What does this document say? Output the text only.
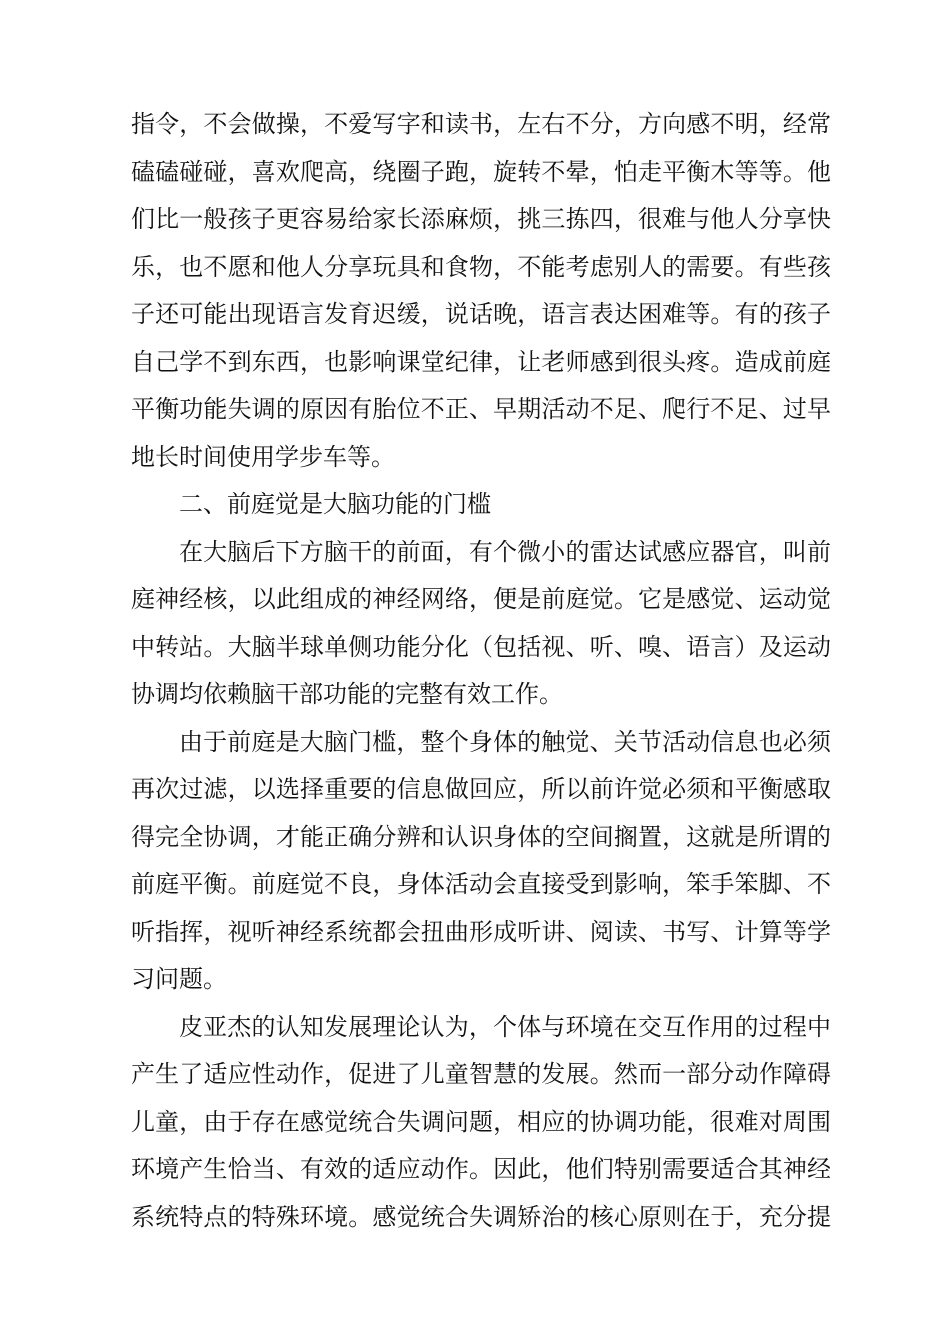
指令，不会做操，不爱写字和读书，左右不分，方向感不明，经常
磕磕碰碰，喜欢爬高，绕圈子跑，旋转不晕，怕走平衡木等等。他
们比一般孩子更容易给家长添麻烦，挑三拣四，很难与他人分享快
乐，也不愿和他人分享玩具和食物，不能考虑别人的需要。有些孩
子还可能出现语言发育迟缓，说话晚，语言表达困难等。有的孩子
自己学不到东西，也影响课堂纪律，让老师感到很头疼。造成前庭
平衡功能失调的原因有胎位不正、早期活动不足、爬行不足、过早
地长时间使用学步车等。
二、前庭觉是大脑功能的门槛
在大脑后下方脑干的前面，有个微小的雷达试感应器官，叫前
庭神经核，以此组成的神经网络，便是前庭觉。它是感觉、运动觉
中转站。大脑半球单侧功能分化（包括视、听、嗅、语言）及运动
协调均依赖脑干部功能的完整有效工作。
由于前庭是大脑门槛，整个身体的触觉、关节活动信息也必须
再次过滤，以选择重要的信息做回应，所以前许觉必须和平衡感取
得完全协调，才能正确分辨和认识身体的空间搁置，这就是所谓的
前庭平衡。前庭觉不良，身体活动会直接受到影响，笨手笨脚、不
听指挥，视听神经系统都会扭曲形成听讲、阅读、书写、计算等学
习问题。
皮亚杰的认知发展理论认为，个体与环境在交互作用的过程中
产生了适应性动作，促进了儿童智慧的发展。然而一部分动作障碍
儿童，由于存在感觉统合失调问题，相应的协调功能，很难对周围
环境产生恰当、有效的适应动作。因此，他们特别需要适合其神经
系统特点的特殊环境。感觉统合失调矫治的核心原则在于，充分提
